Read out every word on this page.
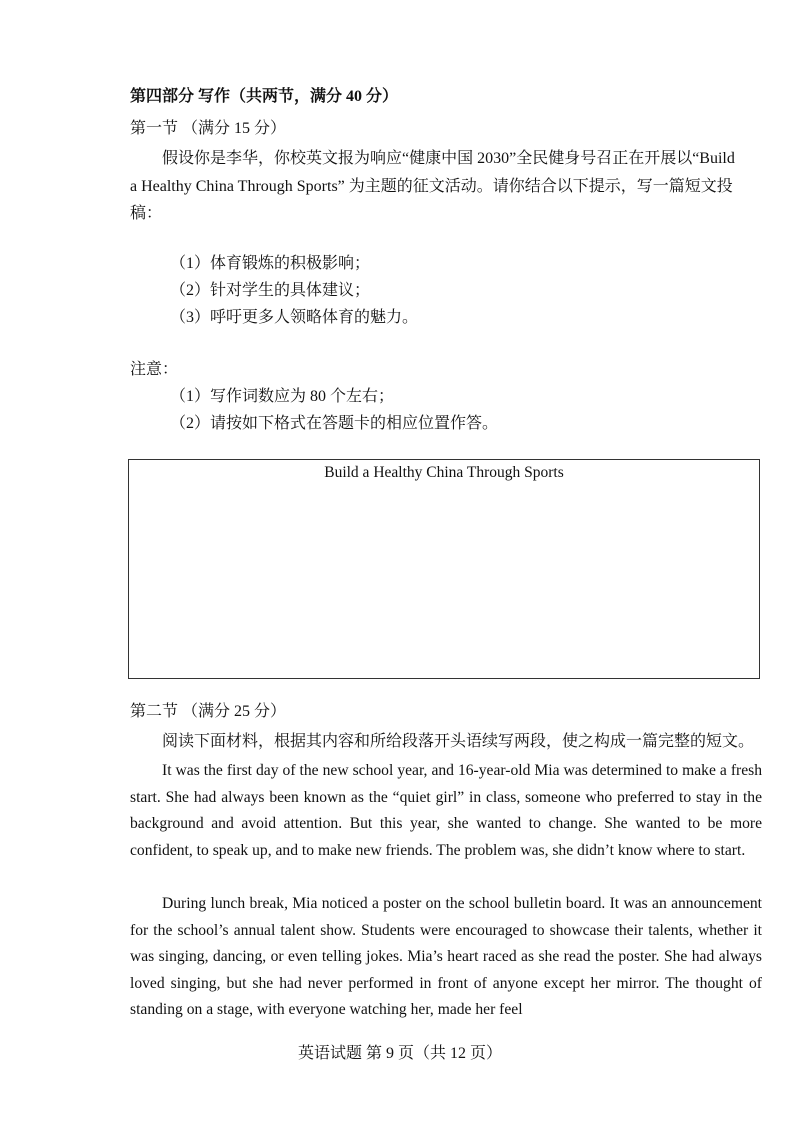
第四部分 写作（共两节，满分 40 分）
第一节 （满分 15 分）
假设你是李华，你校英文报为响应“健康中国 2030”全民健身号召正在开展以“Build
a Healthy China Through Sports” 为主题的征文活动。请你结合以下提示，写一篇短文投
稿：
（1）体育锻炼的积极影响；
（2）针对学生的具体建议；
（3）呼吁更多人领略体育的魅力。
注意：
（1）写作词数应为 80 个左右；
（2）请按如下格式在答题卡的相应位置作答。
Build a Healthy China Through Sports
第二节 （满分 25 分）
阅读下面材料，根据其内容和所给段落开头语续写两段，使之构成一篇完整的短文。
It was the first day of the new school year, and 16-year-old Mia was determined to make a fresh start. She had always been known as the “quiet girl” in class, someone who preferred to stay in the background and avoid attention. But this year, she wanted to change. She wanted to be more confident, to speak up, and to make new friends. The problem was, she didn’t know where to start.
During lunch break, Mia noticed a poster on the school bulletin board. It was an announcement for the school’s annual talent show. Students were encouraged to showcase their talents, whether it was singing, dancing, or even telling jokes. Mia’s heart raced as she read the poster. She had always loved singing, but she had never performed in front of anyone except her mirror. The thought of standing on a stage, with everyone watching her, made her feel
英语试题 第 9 页（共 12 页）
